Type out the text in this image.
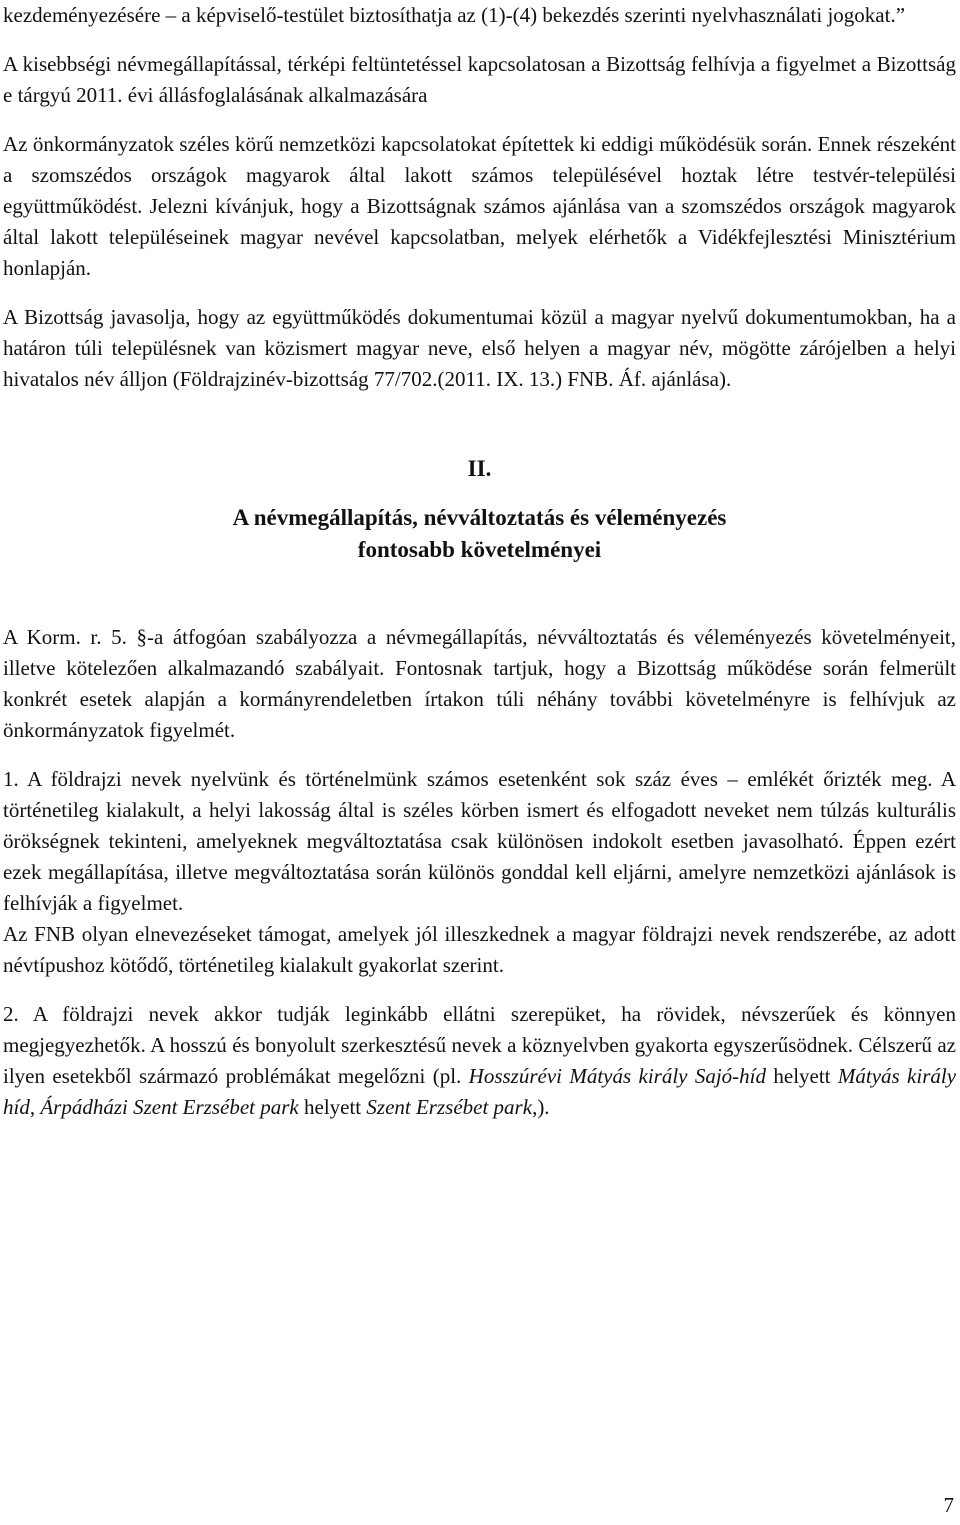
kezdeményezésére – a képviselő-testület biztosíthatja az (1)-(4) bekezdés szerinti nyelvhasználati jogokat.”

A kisebbségi névmegállapítással, térképi feltüntetéssel kapcsolatosan a Bizottság felhívja a figyelmet a Bizottság e tárgyú 2011. évi állásfoglalásának alkalmazására

Az önkormányzatok széles körű nemzetközi kapcsolatokat építettek ki eddigi működésük során. Ennek részeként a szomszédos országok magyarok által lakott számos településével hoztak létre testvér-települési együttműködést. Jelezni kívánjuk, hogy a Bizottságnak számos ajánlása van a szomszédos országok magyarok által lakott településeinek magyar nevével kapcsolatban, melyek elérhetők a Vidékfejlesztési Minisztérium honlapján.

A Bizottság javasolja, hogy az együttműködés dokumentumai közül a magyar nyelvű dokumentumokban, ha a határon túli településnek van közismert magyar neve, első helyen a magyar név, mögötte zárójelben a helyi hivatalos név álljon (Földrajzinév-bizottság 77/702.(2011. IX. 13.) FNB. Áf. ajánlása).

II.

A névmegállapítás, névváltoztatás és véleményezés
fontosabb követelményei

A Korm. r. 5. §-a átfogóan szabályozza a névmegállapítás, névváltoztatás és véleményezés követelményeit, illetve kötelezően alkalmazandó szabályait. Fontosnak tartjuk, hogy a Bizottság működése során felmerült konkrét esetek alapján a kormányrendeletben írtakon túli néhány további követelményre is felhívjuk az önkormányzatok figyelmét.

1. A földrajzi nevek nyelvünk és történelmünk számos esetenként sok száz éves – emlékét őrizték meg. A történetileg kialakult, a helyi lakosság által is széles körben ismert és elfogadott neveket nem túlzás kulturális örökségnek tekinteni, amelyeknek megváltoztatása csak különösen indokolt esetben javasolható. Éppen ezért ezek megállapítása, illetve megváltoztatása során különös gonddal kell eljárni, amelyre nemzetközi ajánlások is felhívják a figyelmet.

Az FNB olyan elnevezéseket támogat, amelyek jól illeszkednek a magyar földrajzi nevek rendszerébe, az adott névtípushoz kötődő, történetileg kialakult gyakorlat szerint.

2. A földrajzi nevek akkor tudják leginkább ellátni szerepüket, ha rövidek, névszerűek és könnyen megjegyezhetők. A hosszú és bonyolult szerkesztésű nevek a köznyelvben gyakorta egyszerűsödnek. Célszerű az ilyen esetekből származó problémákat megelőzni (pl. Hosszúrévi Mátyás király Sajó-híd helyett Mátyás király híd, Árpádházi Szent Erzsébet park helyett Szent Erzsébet park,).

7
